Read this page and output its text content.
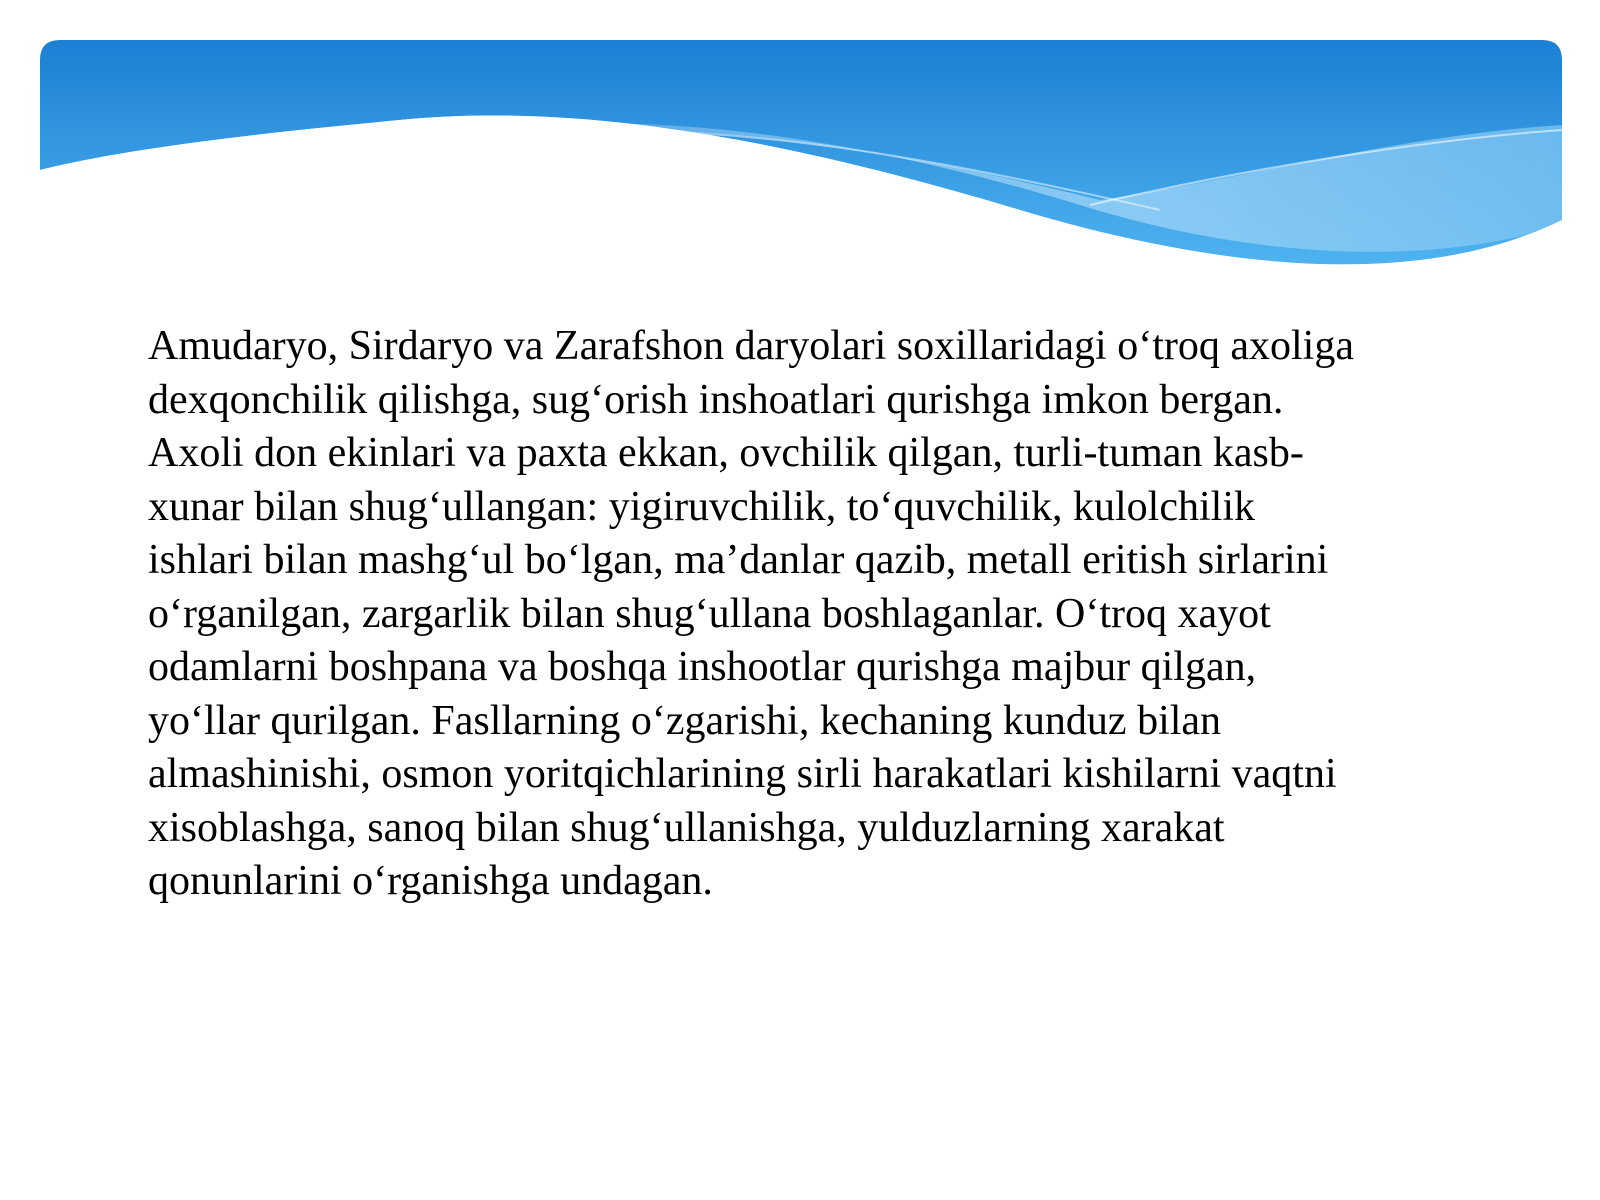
Amudaryo, Sirdaryo va Zarafshon daryolari soxillaridagi o‘troq axoliga
dexqonchilik qilishga, sug‘orish inshoatlari qurishga imkon bergan.
Axoli don ekinlari va paxta ekkan, ovchilik qilgan, turli-tuman kasb-
xunar bilan shug‘ullangan: yigiruvchilik, to‘quvchilik, kulolchilik
ishlari bilan mashg‘ul bo‘lgan, ma’danlar qazib, metall eritish sirlarini
o‘rganilgan, zargarlik bilan shug‘ullana boshlaganlar. O‘troq xayot
odamlarni boshpana va boshqa inshootlar qurishga majbur qilgan,
yo‘llar qurilgan. Fasllarning o‘zgarishi, kechaning kunduz bilan
almashinishi, osmon yoritqichlarining sirli harakatlari kishilarni vaqtni
xisoblashga, sanoq bilan shug‘ullanishga, yulduzlarning xarakat
qonunlarini o‘rganishga undagan.
